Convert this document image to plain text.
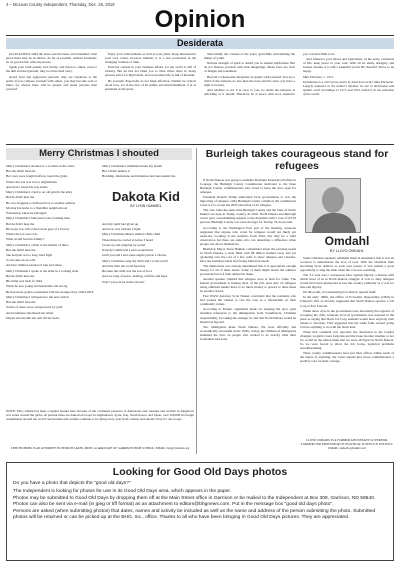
4 – McLean County Independent, Thursday, Dec. 26, 2019
Opinion
Desiderata

GO PLACIDLY amid the noise and the haste, and remember what peace there may be in silence. As far as possible, without surrender, be on good terms with all persons.

Speak your truth quietly and clearly; and listen to others, even to the dull and the ignorant; they too have their story.

Avoid loud and aggressive persons; they are vexations to the spirit. If you compare yourself with others, you may become vain or bitter, for always there will be greater and lesser persons than yourself.

Enjoy your achievements as well as your plans. Keep interested in your own career, however humble; it is a real possession in the changing fortunes of time.

Exercise caution in your business affairs, for the world is full of trickery. But let this not blind you to what virtue there is; many persons strive for high ideals, and everywhere life is full of heroism.

Be yourself. Especially do not feign affection. Neither be cynical about love, for in the face of all aridity and disenchantment, it is as perennial as the grass.

Take kindly the counsel of the years, gracefully surrendering the things of youth.

Nurture strength of spirit to shield you in sudden misfortune. But do not distress yourself with dark imaginings. Many fears are born of fatigue and loneliness.

Beyond a wholesome discipline, be gentle with yourself. You are a child of the universe no less than the trees and the stars; you have a right to be here.

And whether or not it is clear to you, no doubt the universe is unfolding as it should. Therefore be at peace with God, whatever you conceive Him to be.

And whatever your labors and aspirations, in the noisy confusion of life, keep peace in your soul. With all its sham, drudgery and broken dreams, it is still a beautiful world. Be cheerful. Strive to be happy.

Max Ehrmann, c. 1927

Desiderata is a 1927 prose poem by American writer Max Ehrmann. Largely unknown in the author's lifetime, its use in devotional and spoken word recordings in 1971 and 1972 called it to the attention of the world.

Merry Christmas I shouted

Merry Christmas I shouted to a woman on the street

But she didn't hear me

Her wars were fought halfway round the globe

Where her son was lost to Afghanistan

And never found his way home.

Merry Christmas I cried to an old gent in the alley

But he didn't hear me

He was dragging a cardboard box to another address

Moving his home to a friendlier neighborhood

Wondering where he belonged.

Merry Christmas I bellowed to the working man

But he didn't hear me

His hope was still at the lowest gate of a factory

Where his job once was

What would feed his family?

Merry Christmas I called to the mother of three

But she didn't hear me

She had just won a long, hard fight

To become an ex-wife

And her children needed of rain and ashes.

Merry Christmas I spoke to the elder in a rocking chair

But he didn't hear me

His mind was back in 1944

When he was young and handsome and strong

He had never gotten acquainted with the stranger they called 2019.

Merry Christmas I whispered to the new widow

But she didn't hear me

Words of cheer were overpowered by grief

And loneliness smothered her smile

Maybe next month she will lift her head.

Merry Christmas I mumbled under my breath

But I didn't believe it

Hardship, misfortune and bitterness had surrounded me

Dakota Kid
BY LYNN HUMMEL

And my spirit had given up

And now was without a fight.

Merry Christmas Mister smiled a little child

Three times he carded it before I heard

Closer up and gripping by sound

Nobody's smile had I seen around here

Until you and I and some angels join in a chorus.

Merry Christmas sang the child and I to the world

And this time the world heard us

Because the child was the son of God

And we sang of peace, healing, comfort and hope

Won't you join us in the chorus?

NOTE: This column has been a regular feature here because of the continued presence of Americans and veterans and women in dangerous war zones around the globe. At present there are American troops in Afghanistan, Syria, Iraq, South Korea, and Japan, over 100,000 in foreign assignments around the world. Servicemen and women continue to be dying every year from combat and suicide. Pray for our troops.

LYNN HUMMEL IS AN ATTORNEY IN DETROIT LAKES, MINN. A GRADUATE OF GARRISON HIGH SCHOOL. EMAIL: lsm@lynnhum.org
Burleigh takes courageous stand for refugees

If North Dakota was going to enshrine President Kennedy's Profiles in Courage, the Burleigh County Commission dedicated to the three Burleigh County commissioners who voted to keep the door open for refugees.

President Donald Trump authorized local governments to veto the importing of refugees. Only Burleigh County complied, the commission voted 3-2 to accept the 2020 allocation of 25 refugees.

The vote came the same time Burleigh County and the State of North Dakota are deep in Trump country. In 2016, North Dakota and Burleigh voters gave overwhelming support to the President with a vote of 63-33 percent. Burleigh County was even stronger for Trump, 70-22 percent.

According to the Washington Post part of the meeting, someone suggested that anyone who voted for refugees would not likely get reelected. Looking at the statistics from 2016, this may be a valid observation but there are some who can determine a difference when people rise above themselves.

Bismarck Mayor Steve Bakken complained about the pressing needs in North Dakota, a state flush with $8 billion stashed away and yet agonizing over the cost of a few cents to show refugees and veterans, ferry the homeless lands and facing American needs.

The implication was already determined that it is appropriate enough money for all of these needs. Some of them might lessen the additive provisions but is it their darkest in make.

Another speaker claimed that refugees were at fault for crime. The federal government is fueling most of the bill. And only 25 refugees being admitted means there is no much money to spread so there must be another reason.

Past WGW Attorney Scott Fenner concluded that the residents who had packed the cabinet to cast the vote as a referendum on their community values.

According to Fenner, arguments made for keeping the door open included references to the immigration from Scandinavia, Christian responsibility for taking the stranger in, and that North Dakota would be labeled as bigoted.

Yes, immigrants made North Dakota. We were officially and economically successful in the 1950s. Today, the children of immigrants slammed the door on people who wanted to do exactly what their forefathers had done.

Omdahl
BY LLOYD OMDAHL

Some Christian speakers reminded them in attendance that it was an occasion to demonstrate the love of God. With the Christian faith becoming more shallow as each year passes, it was indeed a good opportunity to sing the slide when the vote was watching.

The 3-2 vote was a courageous blow against bigotry, a disease with which most of us in North Dakota struggle. A vote to deny refugees would have been interpreted across the country primarily as a vote for hate and bigotry.

On this point, it is interesting how history repeats itself.

In the early 1960s, the Office of Economic Opportunity (OEO) in Johnson's War on Poverty suggested that North Dakota sponsor a Job Corp at Fort Lincoln.

While those of us in the government were discussing the logistics of accepting the offer, someone in local government was reported in the press as saying that black Job Corp students would have anybody with whom to associate. That suggested that the white folks weren't going to have anything to do with the black kids.

When that comment was reported, the discussion in the Capitol changed. Logistics were forgotten and the issue became whether or not we would be the nation think that we were all bigots in North Dakota. So we were forced to allow the Job Corps, logistical problems notwithstanding.

Three county commissioners have put their offices within reach of the bigots. If anything, the voters should give those commissioners a positive vote for their courage.

LLOYD OMDAHL IS A FORMER LIEUTENANT GOVERNOR. FORMER UND PROFESSOR OF POLITICAL SCIENCE & POLITICS. EMAIL: ndnative@midco.net
Looking for Good Old Days photos

Do you have a photo that depicts the "good old days?"

The Independent is looking for photos for use in its Good Old Days area, which appears in the paper.

Photos may be submitted to Good Old Days by dropping them off at the Main Street office in Garrison or be mailed to the Independent at Box 309, Garrison, ND 58540. Photos can also be sent via e-mail (in jpeg or tiff format) as an attachment to editors@bhgnews.com. Put in the message box "good old days photo".

Persons are asked (when submitting photos) that dates, names and activity be included as well as the name and address of the person submitting the photo. Submitted photos will be returned or can be picked up at the BHG, Inc., office. Thanks to all who have been bringing in Good Old Days pictures. They are appreciated.
